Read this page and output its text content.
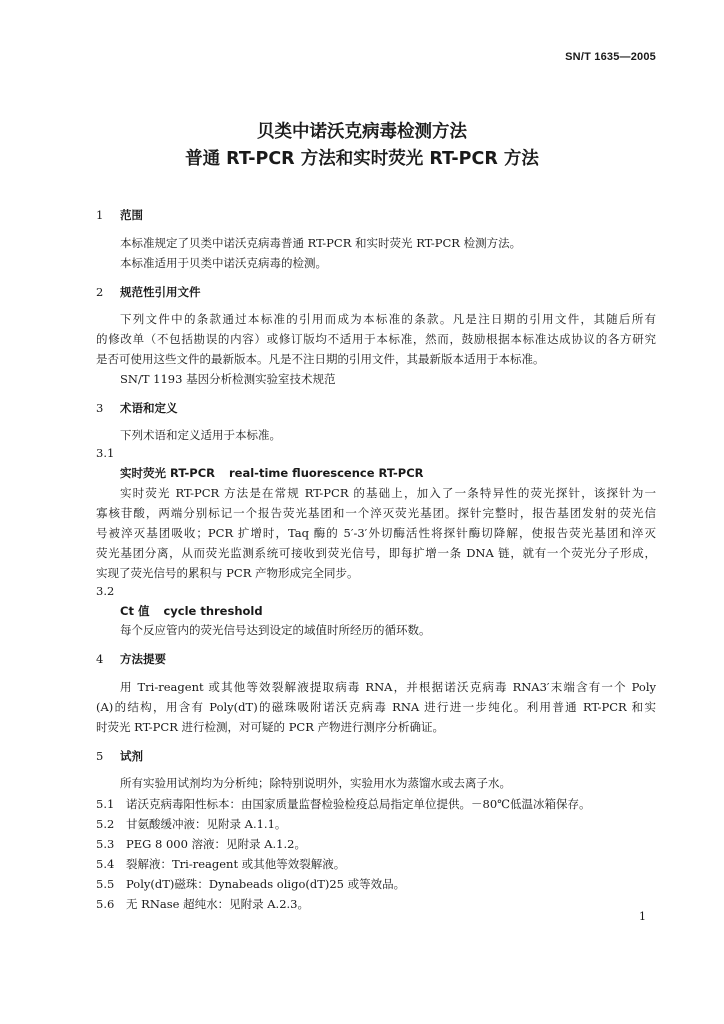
SN/T 1635—2005
贝类中诺沃克病毒检测方法
普通 RT-PCR 方法和实时荧光 RT-PCR 方法
1 范围
本标准规定了贝类中诺沃克病毒普通 RT-PCR 和实时荧光 RT-PCR 检测方法。
本标准适用于贝类中诺沃克病毒的检测。
2 规范性引用文件
下列文件中的条款通过本标准的引用而成为本标准的条款。凡是注日期的引用文件，其随后所有
的修改单（不包括勘误的内容）或修订版均不适用于本标准，然而，鼓励根据本标准达成协议的各方研究
是否可使用这些文件的最新版本。凡是不注日期的引用文件，其最新版本适用于本标准。
SN/T 1193 基因分析检测实验室技术规范
3 术语和定义
下列术语和定义适用于本标准。
3.1
实时荧光 RT-PCR real-time fluorescence RT-PCR
实时荧光 RT-PCR 方法是在常规 RT-PCR 的基础上，加入了一条特异性的荧光探针，该探针为一
寡核苷酸，两端分别标记一个报告荧光基团和一个淬灭荧光基团。探针完整时，报告基团发射的荧光信
号被淬灭基团吸收；PCR 扩增时，Taq 酶的 5′-3′外切酶活性将探针酶切降解，使报告荧光基团和淬灭
荧光基团分离，从而荧光监测系统可接收到荧光信号，即每扩增一条 DNA 链，就有一个荧光分子形成，
实现了荧光信号的累积与 PCR 产物形成完全同步。
3.2
Ct 值 cycle threshold
每个反应管内的荧光信号达到设定的域值时所经历的循环数。
4 方法提要
用 Tri-reagent 或其他等效裂解液提取病毒 RNA，并根据诺沃克病毒 RNA3′末端含有一个 Poly
(A)的结构，用含有 Poly(dT)的磁珠吸附诺沃克病毒 RNA 进行进一步纯化。利用普通 RT-PCR 和实
时荧光 RT-PCR 进行检测，对可疑的 PCR 产物进行测序分析确证。
5 试剂
所有实验用试剂均为分析纯；除特别说明外，实验用水为蒸馏水或去离子水。
5.1 诺沃克病毒阳性标本：由国家质量监督检验检疫总局指定单位提供。－80℃低温冰箱保存。
5.2 甘氨酸缓冲液：见附录 A.1.1。
5.3 PEG 8 000 溶液：见附录 A.1.2。
5.4 裂解液：Tri-reagent 或其他等效裂解液。
5.5 Poly(dT)磁珠：Dynabeads oligo(dT)25 或等效品。
5.6 无 RNase 超纯水：见附录 A.2.3。
1
